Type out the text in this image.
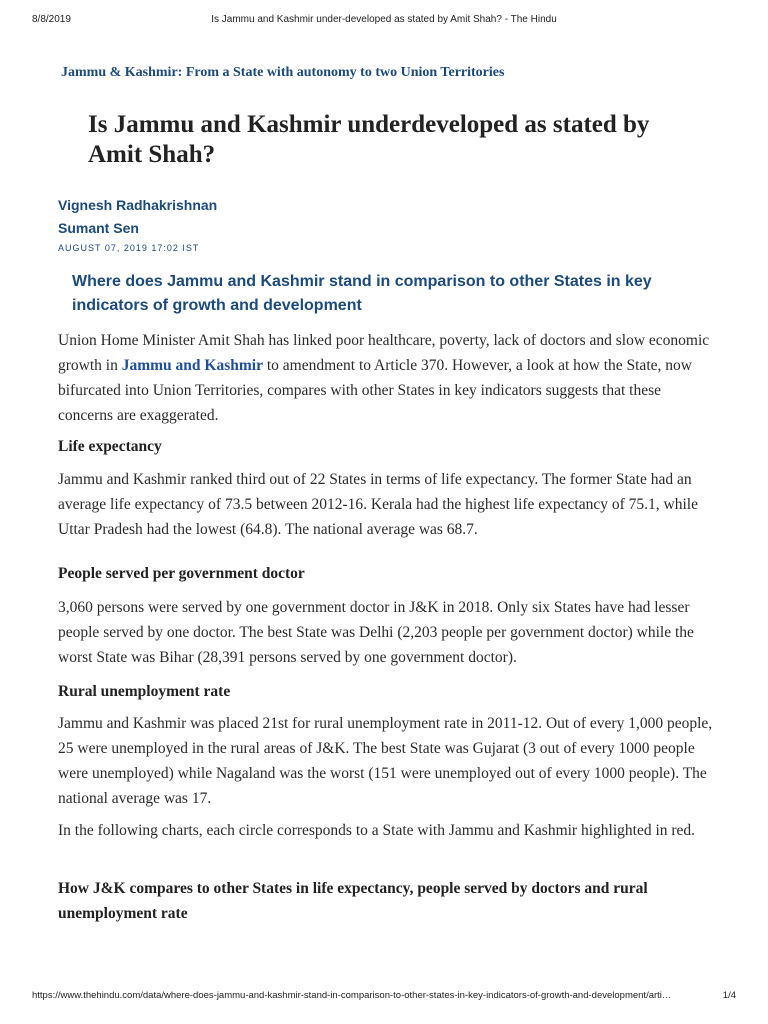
8/8/2019	Is Jammu and Kashmir under-developed as stated by Amit Shah? - The Hindu
Jammu & Kashmir: From a State with autonomy to two Union Territories
Is Jammu and Kashmir underdeveloped as stated by Amit Shah?
Vignesh Radhakrishnan
Sumant Sen
AUGUST 07, 2019 17:02 IST
Where does Jammu and Kashmir stand in comparison to other States in key indicators of growth and development

Union Home Minister Amit Shah has linked poor healthcare, poverty, lack of doctors and slow economic growth in Jammu and Kashmir to amendment to Article 370. However, a look at how the State, now bifurcated into Union Territories, compares with other States in key indicators suggests that these concerns are exaggerated.

Life expectancy

Jammu and Kashmir ranked third out of 22 States in terms of life expectancy. The former State had an average life expectancy of 73.5 between 2012-16. Kerala had the highest life expectancy of 75.1, while Uttar Pradesh had the lowest (64.8). The national average was 68.7.

People served per government doctor

3,060 persons were served by one government doctor in J&K in 2018. Only six States have had lesser people served by one doctor. The best State was Delhi (2,203 people per government doctor) while the worst State was Bihar (28,391 persons served by one government doctor).

Rural unemployment rate

Jammu and Kashmir was placed 21st for rural unemployment rate in 2011-12. Out of every 1,000 people, 25 were unemployed in the rural areas of J&K. The best State was Gujarat (3 out of every 1000 people were unemployed) while Nagaland was the worst (151 were unemployed out of every 1000 people). The national average was 17.

In the following charts, each circle corresponds to a State with Jammu and Kashmir highlighted in red.

How J&K compares to other States in life expectancy, people served by doctors and rural unemployment rate
https://www.thehindu.com/data/where-does-jammu-and-kashmir-stand-in-comparison-to-other-states-in-key-indicators-of-growth-and-development/arti…	1/4
